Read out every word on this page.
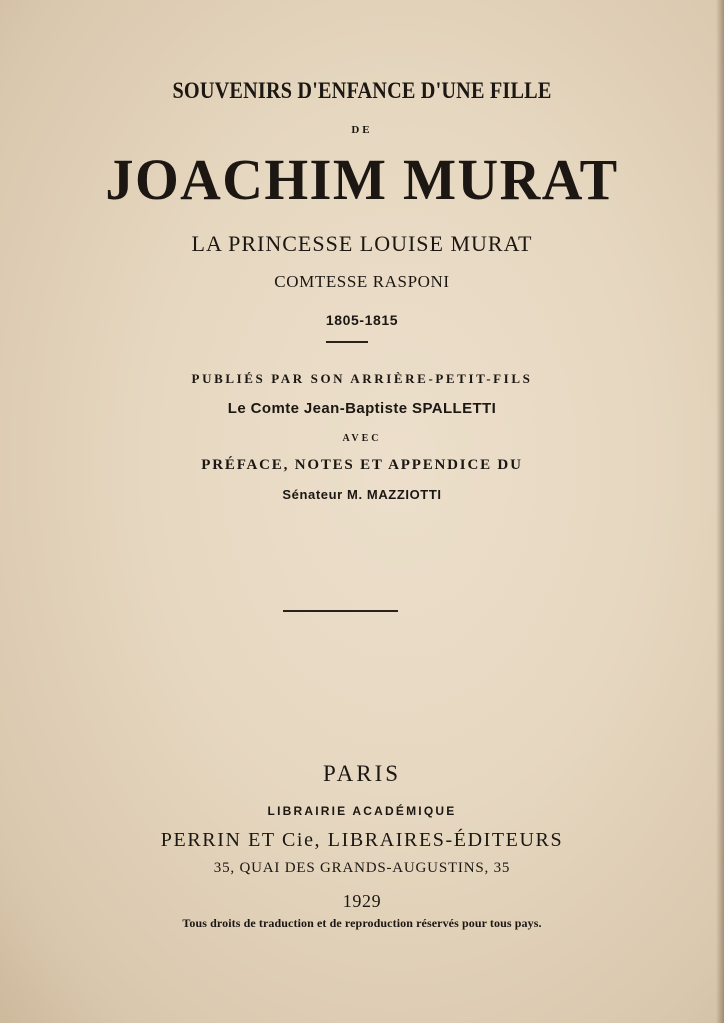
SOUVENIRS D'ENFANCE D'UNE FILLE
DE
JOACHIM MURAT
LA PRINCESSE LOUISE MURAT
COMTESSE RASPONI
1805-1815
PUBLIÉS PAR SON ARRIÈRE-PETIT-FILS
Le Comte Jean-Baptiste SPALLETTI
AVEC
PRÉFACE, NOTES ET APPENDICE DU
Sénateur M. MAZZIOTTI
PARIS
LIBRAIRIE ACADÉMIQUE
PERRIN ET Cie, LIBRAIRES-ÉDITEURS
35, QUAI DES GRANDS-AUGUSTINS, 35
1929
Tous droits de traduction et de reproduction réservés pour tous pays.
